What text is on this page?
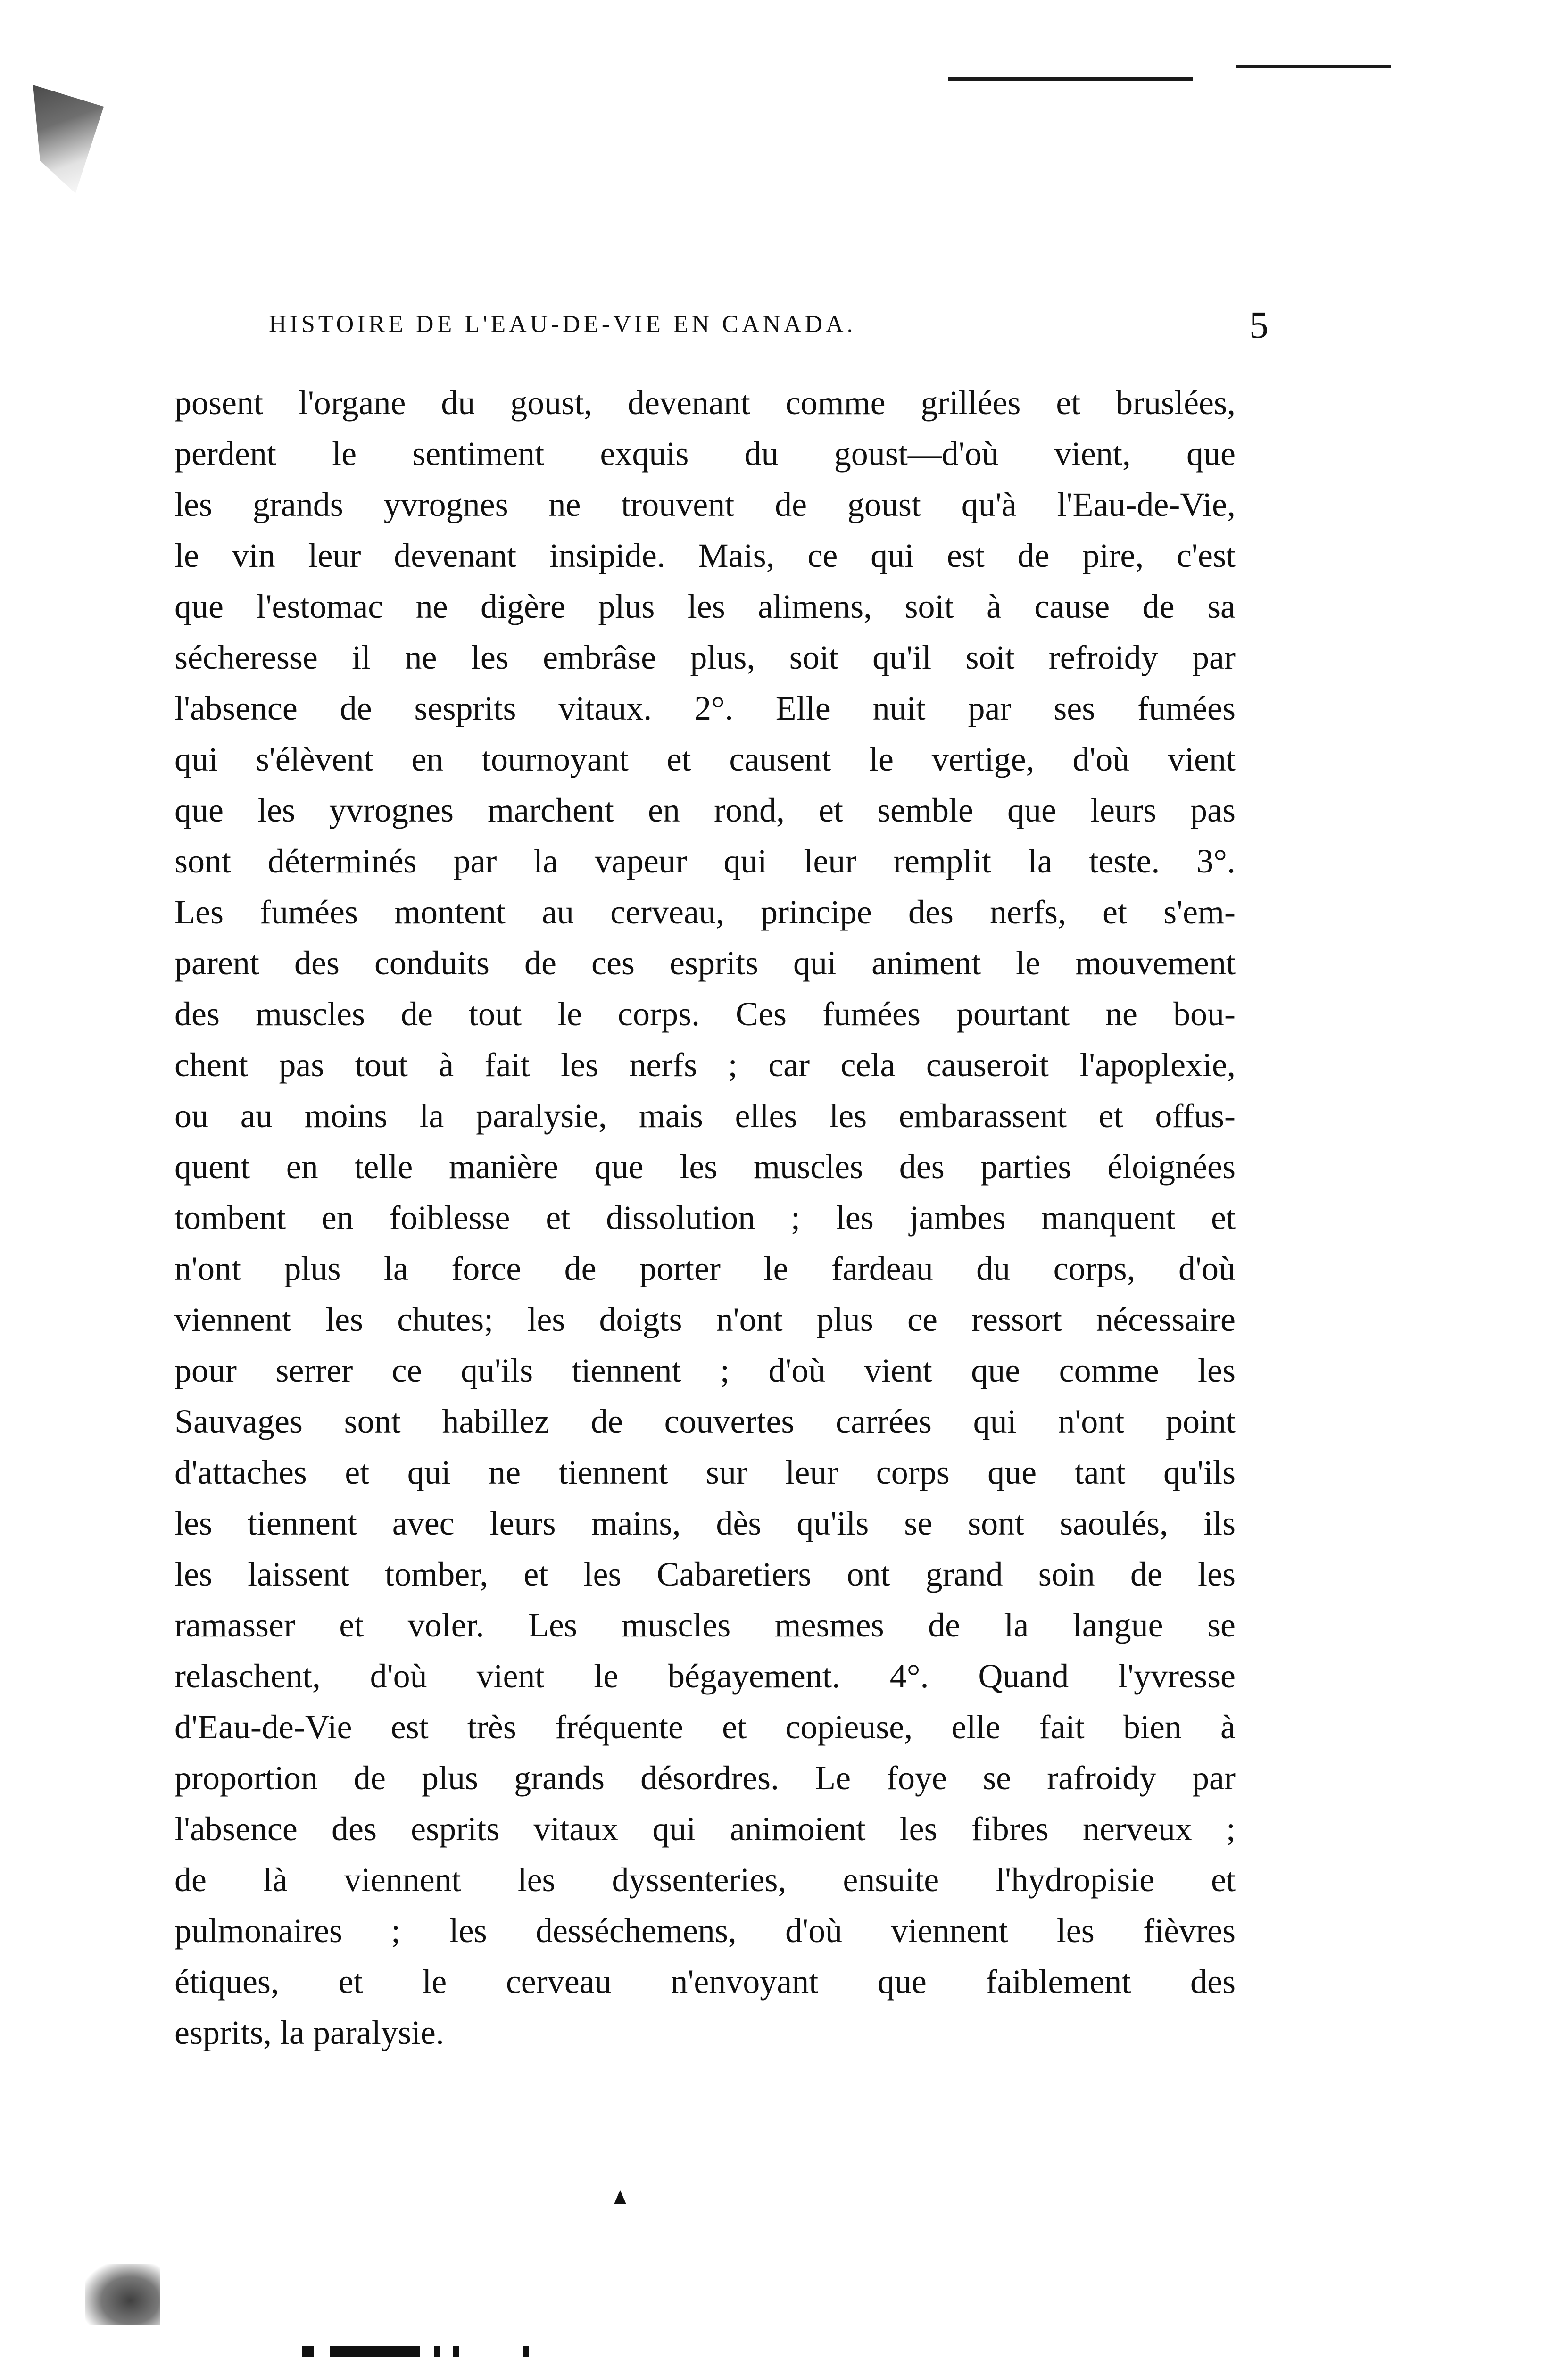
HISTOIRE DE L'EAU-DE-VIE EN CANADA.	5
posent l'organe du goust, devenant comme grillées et bruslées,
perdent le sentiment exquis du goust—d'où vient, que
les grands yvrognes ne trouvent de goust qu'à l'Eau-de-Vie,
le vin leur devenant insipide. Mais, ce qui est de pire, c'est
que l'estomac ne digère plus les alimens, soit à cause de sa
sécheresse il ne les embrâse plus, soit qu'il soit refroidy par
l'absence de sesprits vitaux. 2°. Elle nuit par ses fumées
qui s'élèvent en tournoyant et causent le vertige, d'où vient
que les yvrognes marchent en rond, et semble que leurs pas
sont déterminés par la vapeur qui leur remplit la teste. 3°.
Les fumées montent au cerveau, principe des nerfs, et s'em-
parent des conduits de ces esprits qui animent le mouvement
des muscles de tout le corps. Ces fumées pourtant ne bou-
chent pas tout à fait les nerfs ; car cela causeroit l'apoplexie,
ou au moins la paralysie, mais elles les embarassent et offus-
quent en telle manière que les muscles des parties éloignées
tombent en foiblesse et dissolution ; les jambes manquent et
n'ont plus la force de porter le fardeau du corps, d'où
viennent les chutes; les doigts n'ont plus ce ressort nécessaire
pour serrer ce qu'ils tiennent ; d'où vient que comme les
Sauvages sont habillez de couvertes carrées qui n'ont point
d'attaches et qui ne tiennent sur leur corps que tant qu'ils
les tiennent avec leurs mains, dès qu'ils se sont saoulés, ils
les laissent tomber, et les Cabaretiers ont grand soin de les
ramasser et voler. Les muscles mesmes de la langue se
relaschent, d'où vient le bégayement. 4°. Quand l'yvresse
d'Eau-de-Vie est très fréquente et copieuse, elle fait bien à
proportion de plus grands désordres. Le foye se rafroidy par
l'absence des esprits vitaux qui animoient les fibres nerveux ;
de là viennent les dyssenteries, ensuite l'hydropisie et
pulmonaires ; les desséchemens, d'où viennent les fièvres
étiques, et le cerveau n'envoyant que faiblement des
esprits, la paralysie.
